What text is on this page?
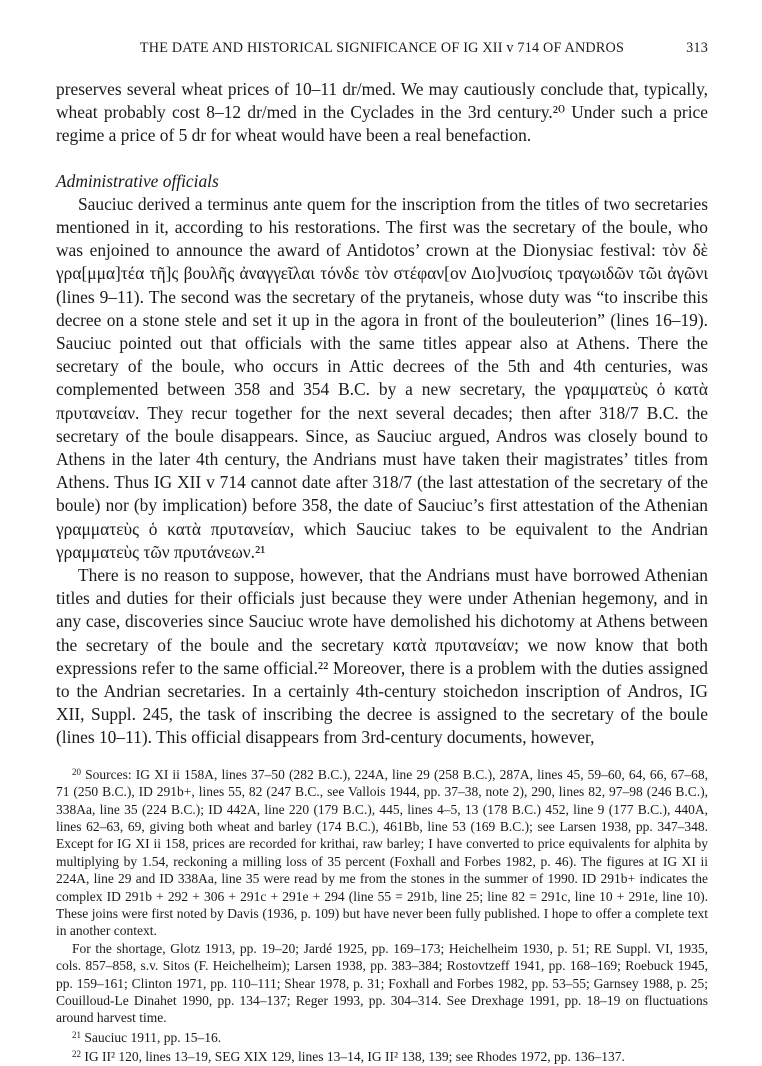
THE DATE AND HISTORICAL SIGNIFICANCE OF IG XII v 714 OF ANDROS	313

preserves several wheat prices of 10–11 dr/med. We may cautiously conclude that, typically, wheat probably cost 8–12 dr/med in the Cyclades in the 3rd century.²⁰ Under such a price regime a price of 5 dr for wheat would have been a real benefaction.

Administrative officials

Sauciuc derived a terminus ante quem for the inscription from the titles of two secretaries mentioned in it, according to his restorations. The first was the secretary of the boule, who was enjoined to announce the award of Antidotos’ crown at the Dionysiac festival: τὸν δὲ γρα[μμα]τέα τῆ]ς βουλῆς ἀναγγεῖλαι τόνδε τὸν στέφαν[ον Διο]νυσίοις τραγωιδῶν τῶι ἀγῶνι (lines 9–11). The second was the secretary of the prytaneis, whose duty was “to inscribe this decree on a stone stele and set it up in the agora in front of the bouleuterion” (lines 16–19). Sauciuc pointed out that officials with the same titles appear also at Athens. There the secretary of the boule, who occurs in Attic decrees of the 5th and 4th centuries, was complemented between 358 and 354 B.C. by a new secretary, the γραμματεὺς ὁ κατὰ πρυτανείαν. They recur together for the next several decades; then after 318/7 B.C. the secretary of the boule disappears. Since, as Sauciuc argued, Andros was closely bound to Athens in the later 4th century, the Andrians must have taken their magistrates’ titles from Athens. Thus IG XII v 714 cannot date after 318/7 (the last attestation of the secretary of the boule) nor (by implication) before 358, the date of Sauciuc’s first attestation of the Athenian γραμματεὺς ὁ κατὰ πρυτανείαν, which Sauciuc takes to be equivalent to the Andrian γραμματεὺς τῶν πρυτάνεων.²¹

There is no reason to suppose, however, that the Andrians must have borrowed Athenian titles and duties for their officials just because they were under Athenian hegemony, and in any case, discoveries since Sauciuc wrote have demolished his dichotomy at Athens between the secretary of the boule and the secretary κατὰ πρυτανείαν; we now know that both expressions refer to the same official.²² Moreover, there is a problem with the duties assigned to the Andrian secretaries. In a certainly 4th-century stoichedon inscription of Andros, IG XII, Suppl. 245, the task of inscribing the decree is assigned to the secretary of the boule (lines 10–11). This official disappears from 3rd-century documents, however,

$^{20}$ Sources: IG XI ii 158A, lines 37–50 (282 B.C.), 224A, line 29 (258 B.C.), 287A, lines 45, 59–60, 64, 66, 67–68, 71 (250 B.C.), ID 291b+, lines 55, 82 (247 B.C., see Vallois 1944, pp. 37–38, note 2), 290, lines 82, 97–98 (246 B.C.), 338Aa, line 35 (224 B.C.); ID 442A, line 220 (179 B.C.), 445, lines 4–5, 13 (178 B.C.) 452, line 9 (177 B.C.), 440A, lines 62–63, 69, giving both wheat and barley (174 B.C.), 461Bb, line 53 (169 B.C.); see Larsen 1938, pp. 347–348. Except for IG XI ii 158, prices are recorded for krithai, raw barley; I have converted to price equivalents for alphita by multiplying by 1.54, reckoning a milling loss of 35 percent (Foxhall and Forbes 1982, p. 46). The figures at IG XI ii 224A, line 29 and ID 338Aa, line 35 were read by me from the stones in the summer of 1990. ID 291b+ indicates the complex ID 291b + 292 + 306 + 291c + 291e + 294 (line 55 = 291b, line 25; line 82 = 291c, line 10 + 291e, line 10). These joins were first noted by Davis (1936, p. 109) but have never been fully published. I hope to offer a complete text in another context.

For the shortage, Glotz 1913, pp. 19–20; Jardé 1925, pp. 169–173; Heichelheim 1930, p. 51; RE Suppl. VI, 1935, cols. 857–858, s.v. Sitos (F. Heichelheim); Larsen 1938, pp. 383–384; Rostovtzeff 1941, pp. 168–169; Roebuck 1945, pp. 159–161; Clinton 1971, pp. 110–111; Shear 1978, p. 31; Foxhall and Forbes 1982, pp. 53–55; Garnsey 1988, p. 25; Couilloud-Le Dinahet 1990, pp. 134–137; Reger 1993, pp. 304–314. See Drexhage 1991, pp. 18–19 on fluctuations around harvest time.

$^{21}$ Sauciuc 1911, pp. 15–16.

$^{22}$ IG II² 120, lines 13–19, SEG XIX 129, lines 13–14, IG II² 138, 139; see Rhodes 1972, pp. 136–137.
